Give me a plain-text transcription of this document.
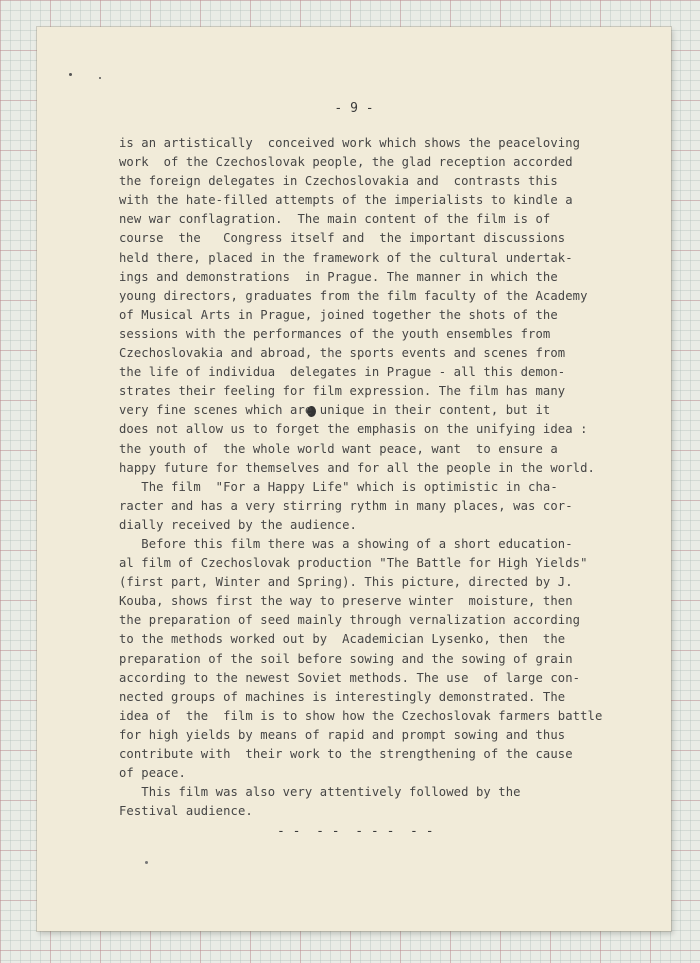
- 9 -
is an artistically  conceived work which shows the peaceloving
work  of the Czechoslovak people, the glad reception accorded
the foreign delegates in Czechoslovakia and  contrasts this
with the hate-filled attempts of the imperialists to kindle a
new war conflagration.  The main content of the film is of
course  the   Congress itself and  the important discussions
held there, placed in the framework of the cultural undertak-
ings and demonstrations  in Prague. The manner in which the
young directors, graduates from the film faculty of the Academy
of Musical Arts in Prague, joined together the shots of the
sessions with the performances of the youth ensembles from
Czechoslovakia and abroad, the sports events and scenes from
the life of individua  delegates in Prague - all this demon-
strates their feeling for film expression. The film has many
very fine scenes which are unique in their content, but it
does not allow us to forget the emphasis on the unifying idea :
the youth of  the whole world want peace, want  to ensure a
happy future for themselves and for all the people in the world.
The film  "For a Happy Life" which is optimistic in cha-
racter and has a very stirring rythm in many places, was cor-
dially received by the audience.
Before this film there was a showing of a short education-
al film of Czechoslovak production "The Battle for High Yields"
(first part, Winter and Spring). This picture, directed by J.
Kouba, shows first the way to preserve winter  moisture, then
the preparation of seed mainly through vernalization according
to the methods worked out by  Academician Lysenko, then  the
preparation of the soil before sowing and the sowing of grain
according to the newest Soviet methods. The use  of large con-
nected groups of machines is interestingly demonstrated. The
idea of  the  film is to show how the Czechoslovak farmers battle
for high yields by means of rapid and prompt sowing and thus
contribute with  their work to the strengthening of the cause
of peace.
This film was also very attentively followed by the
Festival audience.
- -  - -  - - -  - -
